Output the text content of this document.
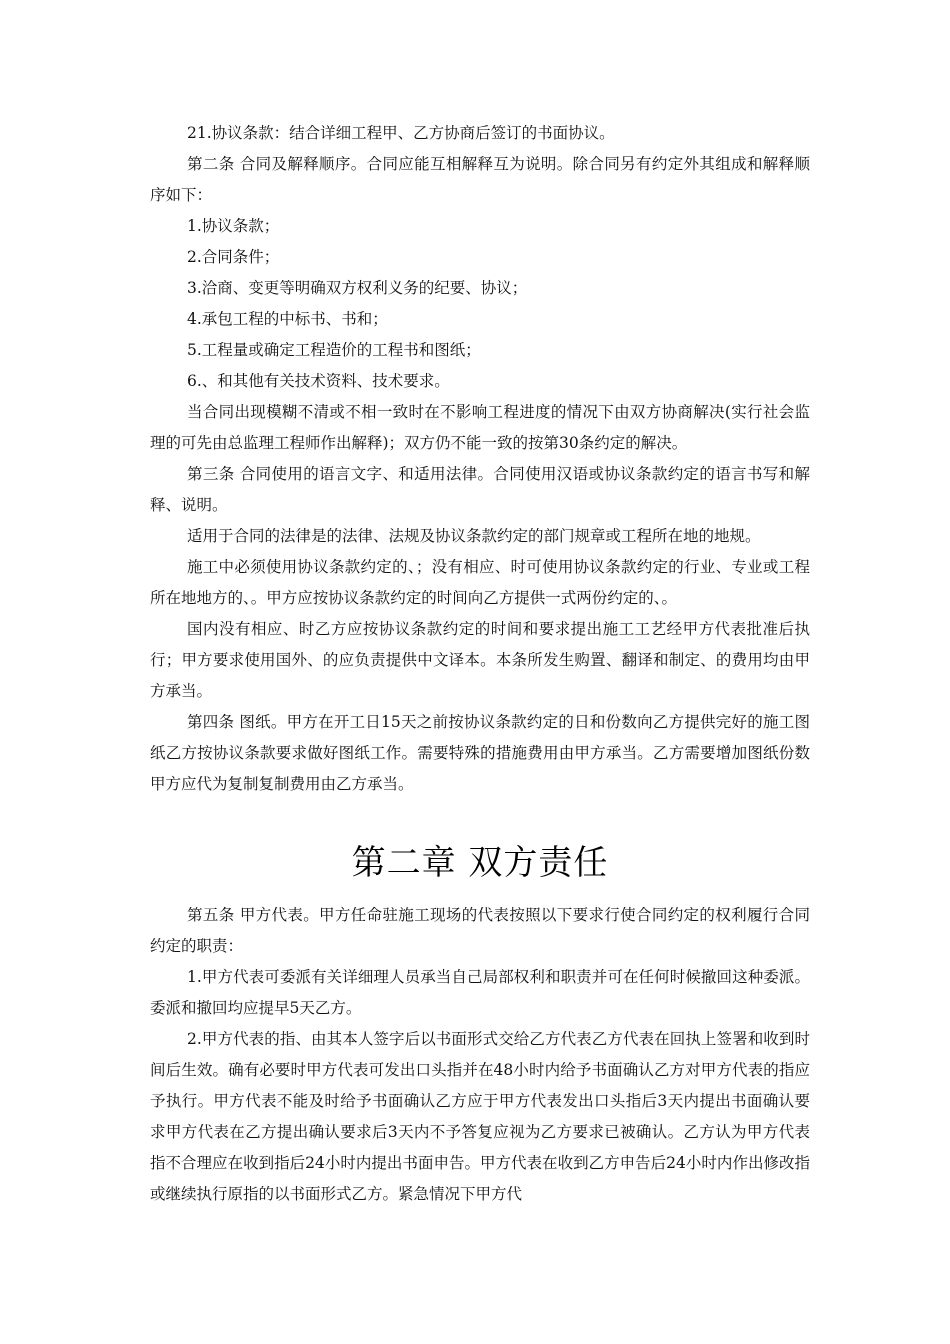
21.协议条款：结合详细工程甲、乙方协商后签订的书面协议。

第二条 合同及解释顺序。合同应能互相解释互为说明。除合同另有约定外其组成和解释顺序如下：

1.协议条款；

2.合同条件；

3.洽商、变更等明确双方权利义务的纪要、协议；

4.承包工程的中标书、书和；

5.工程量或确定工程造价的工程书和图纸；

6.、和其他有关技术资料、技术要求。

当合同出现模糊不清或不相一致时在不影响工程进度的情况下由双方协商解决(实行社会监理的可先由总监理工程师作出解释)；双方仍不能一致的按第30条约定的解决。

第三条 合同使用的语言文字、和适用法律。合同使用汉语或协议条款约定的语言书写和解释、说明。

适用于合同的法律是的法律、法规及协议条款约定的部门规章或工程所在地的地规。

施工中必须使用协议条款约定的、；没有相应、时可使用协议条款约定的行业、专业或工程所在地地方的、。甲方应按协议条款约定的时间向乙方提供一式两份约定的、。

国内没有相应、时乙方应按协议条款约定的时间和要求提出施工工艺经甲方代表批准后执行；甲方要求使用国外、的应负责提供中文译本。本条所发生购置、翻译和制定、的费用均由甲方承当。

第四条 图纸。甲方在开工日15天之前按协议条款约定的日和份数向乙方提供完好的施工图纸乙方按协议条款要求做好图纸工作。需要特殊的措施费用由甲方承当。乙方需要增加图纸份数甲方应代为复制复制费用由乙方承当。

第二章 双方责任

第五条 甲方代表。甲方任命驻施工现场的代表按照以下要求行使合同约定的权利履行合同约定的职责：

1.甲方代表可委派有关详细理人员承当自己局部权利和职责并可在任何时候撤回这种委派。委派和撤回均应提早5天乙方。

2.甲方代表的指、由其本人签字后以书面形式交给乙方代表乙方代表在回执上签署和收到时间后生效。确有必要时甲方代表可发出口头指并在48小时内给予书面确认乙方对甲方代表的指应予执行。甲方代表不能及时给予书面确认乙方应于甲方代表发出口头指后3天内提出书面确认要求甲方代表在乙方提出确认要求后3天内不予答复应视为乙方要求已被确认。乙方认为甲方代表指不合理应在收到指后24小时内提出书面申告。甲方代表在收到乙方申告后24小时内作出修改指或继续执行原指的以书面形式乙方。紧急情况下甲方代
